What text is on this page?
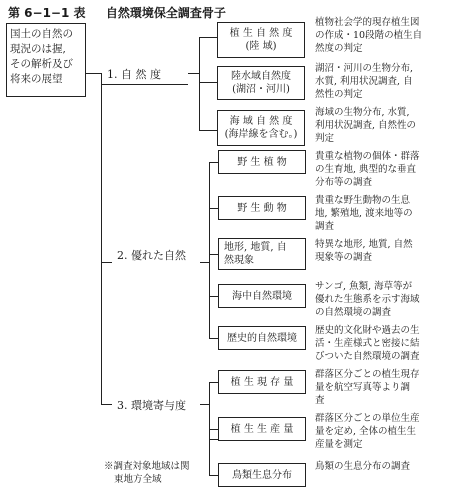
第 6−1−1 表 自然環境保全調査骨子
国土の自然の
現況のは握,
その解析及び
将来の展望	1. 自 然 度
2. 優れた自然
3. 環境寄与度
植 生 自 然 度
(陸 域)
陸水域自然度
(湖沼・河川)
海 域 自 然 度
(海岸線を含む。)
野 生 植 物
野 生 動 物
地形, 地質, 自
然現象
海中自然環境
歴史的自然環境
植 生 現 存 量
植 生 生 産 量
鳥類生息分布
植物社会学的現存植生図
の作成・10段階の植生自
然度の判定
湖沼・河川の生物分布,
水質, 利用状況調査, 自
然性の判定
海域の生物分布, 水質,
利用状況調査, 自然性の
判定
貴重な植物の個体・群落
の生育地, 典型的な垂直
分布等の調査
貴重な野生動物の生息
地, 繁殖地, 渡来地等の
調査
特異な地形, 地質, 自然
現象等の調査
サンゴ, 魚類, 海草等が
優れた生態系を示す海域
の自然環境の調査
歴史的文化財や過去の生
活・生産様式と密接に結
びついた自然環境の調査
群落区分ごとの植生現存
量を航空写真等より調
査
群落区分ごとの単位生産
量を定め, 全体の植生生
産量を測定
鳥類の生息分布の調査
※調査対象地域は関
東地方全域
